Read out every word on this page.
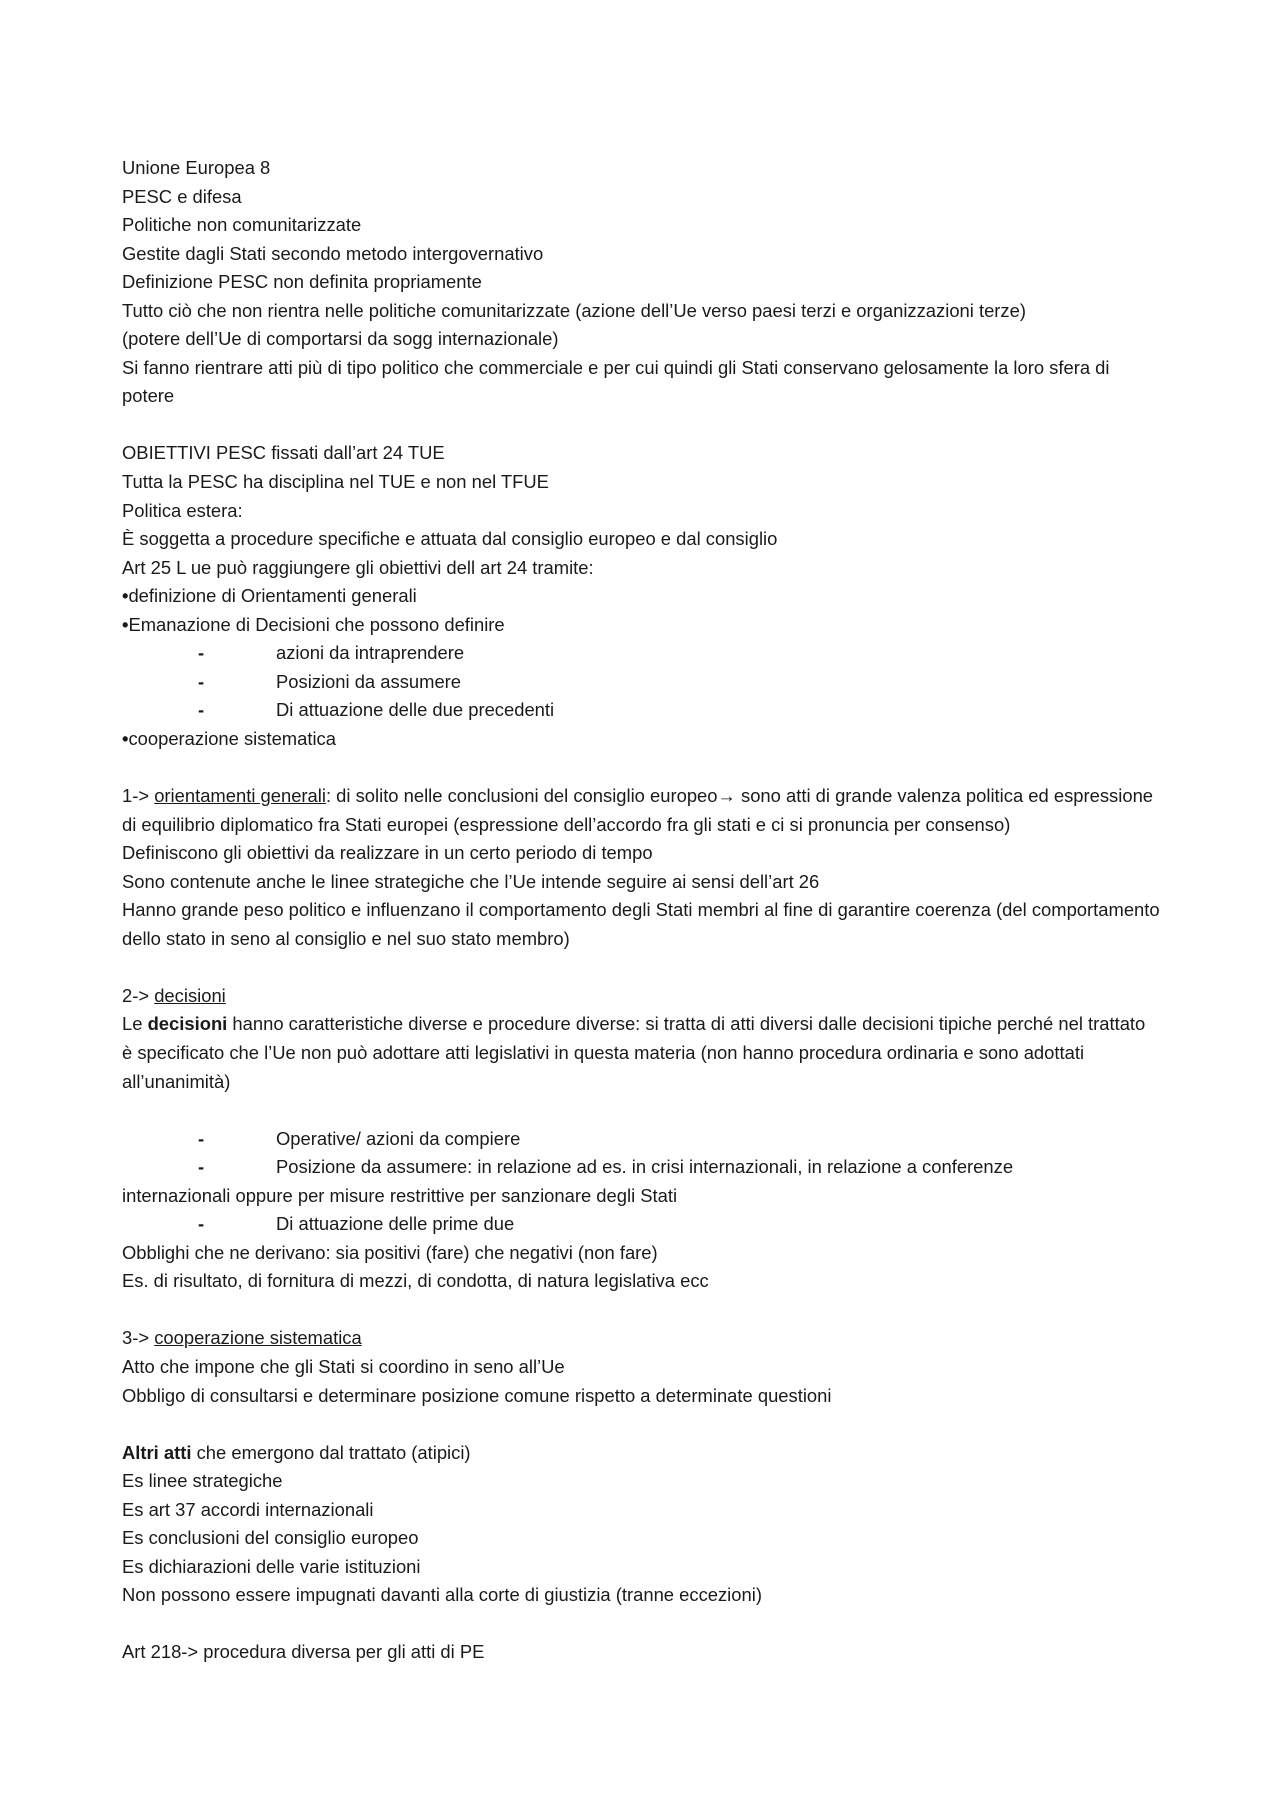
Unione Europea 8
PESC e difesa
Politiche non comunitarizzate
Gestite dagli Stati secondo metodo intergovernativo
Definizione PESC non definita propriamente
Tutto ciò che non rientra nelle politiche comunitarizzate (azione dell’Ue verso paesi terzi e organizzazioni terze)
(potere dell’Ue di comportarsi da sogg internazionale)
Si fanno rientrare atti più di tipo politico che commerciale e per cui quindi gli Stati conservano gelosamente la loro sfera di potere
OBIETTIVI PESC fissati dall’art 24 TUE
Tutta la PESC ha disciplina nel TUE e non nel TFUE
Politica estera:
È soggetta a procedure specifiche e attuata dal consiglio europeo e dal consiglio
Art 25 L ue può raggiungere gli obiettivi dell art 24 tramite:
•definizione di Orientamenti generali
•Emanazione di Decisioni che possono definire
-	azioni da intraprendere
-	Posizioni da assumere
-	Di attuazione delle due precedenti
•cooperazione sistematica
1-> orientamenti generali: di solito nelle conclusioni del consiglio europeo→ sono atti di grande valenza politica ed espressione di equilibrio diplomatico fra Stati europei (espressione dell’accordo fra gli stati e ci si pronuncia per consenso)
Definiscono gli obiettivi da realizzare in un certo periodo di tempo
Sono contenute anche le linee strategiche che l’Ue intende seguire ai sensi dell’art 26
Hanno grande peso politico e influenzano il comportamento degli Stati membri al fine di garantire coerenza (del comportamento dello stato in seno al consiglio e nel suo stato membro)
2-> decisioni
Le decisioni hanno caratteristiche diverse e procedure diverse: si tratta di atti diversi dalle decisioni tipiche perché nel trattato è specificato che l’Ue non può adottare atti legislativi in questa materia (non hanno procedura ordinaria e sono adottati all’unanimità)
-	Operative/ azioni da compiere
-	Posizione da assumere: in relazione ad es. in crisi internazionali, in relazione a conferenze
internazionali oppure per misure restrittive per sanzionare degli Stati
-	Di attuazione delle prime due
Obblighi che ne derivano: sia positivi (fare) che negativi (non fare)
Es. di risultato, di fornitura di mezzi, di condotta, di natura legislativa ecc
3-> cooperazione sistematica
Atto che impone che gli Stati si coordino in seno all’Ue
Obbligo di consultarsi e determinare posizione comune rispetto a determinate questioni
Altri atti che emergono dal trattato (atipici)
Es linee strategiche
Es art 37 accordi internazionali
Es conclusioni del consiglio europeo
Es dichiarazioni delle varie istituzioni
Non possono essere impugnati davanti alla corte di giustizia (tranne eccezioni)
Art 218-> procedura diversa per gli atti di PE
